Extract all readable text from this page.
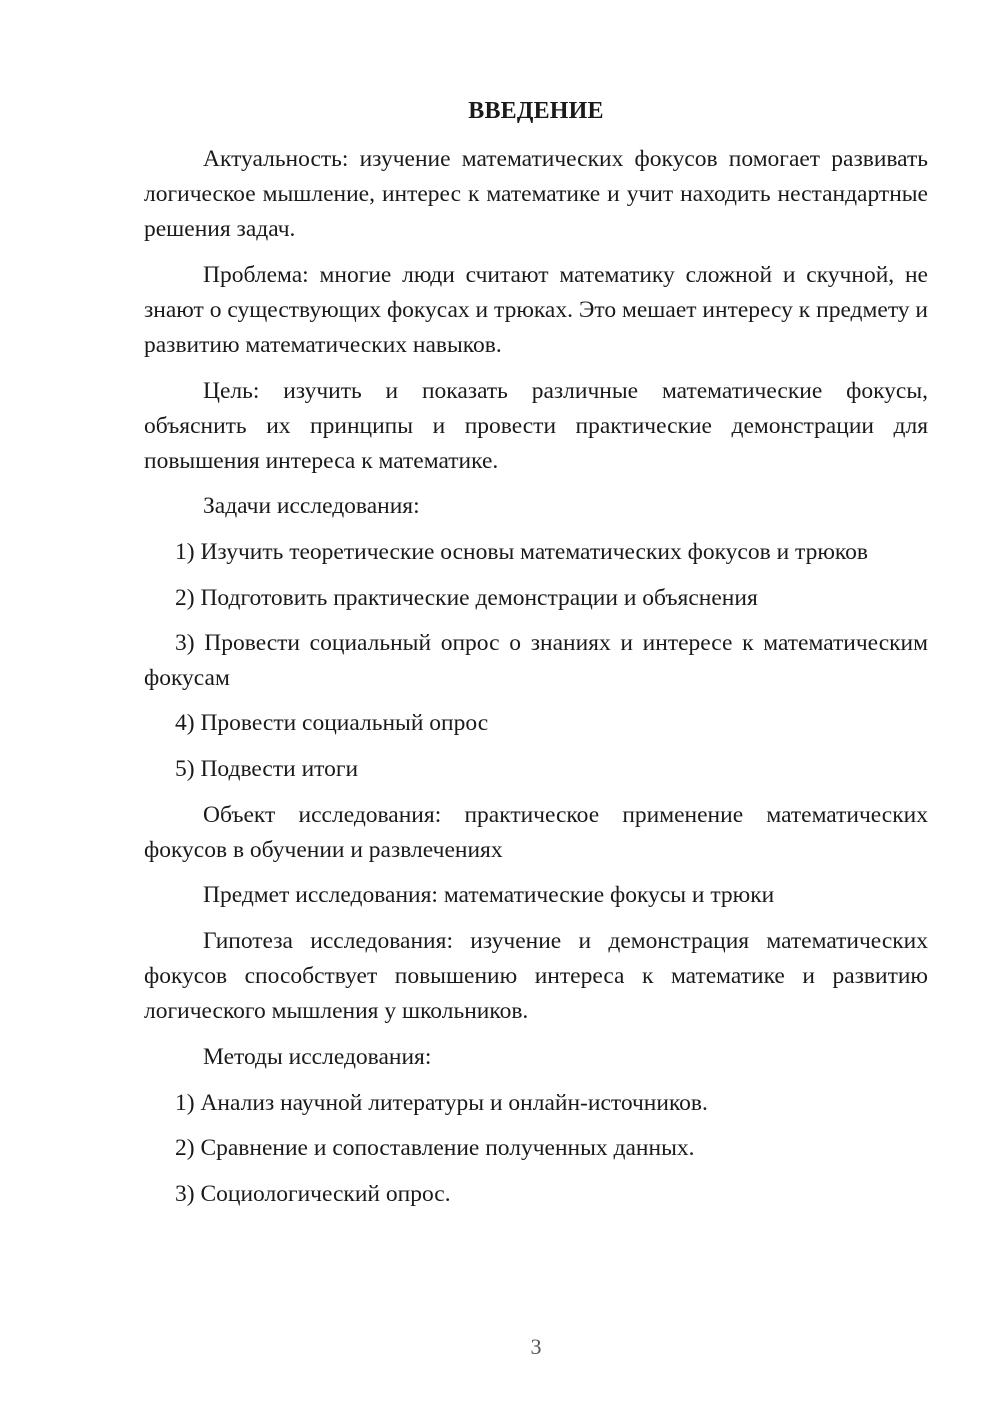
ВВЕДЕНИЕ

Актуальность: изучение математических фокусов помогает развивать логическое мышление, интерес к математике и учит находить нестандартные решения задач.

Проблема: многие люди считают математику сложной и скучной, не знают о существующих фокусах и трюках. Это мешает интересу к предмету и развитию математических навыков.

Цель: изучить и показать различные математические фокусы, объяснить их принципы и провести практические демонстрации для повышения интереса к математике.

Задачи исследования:

1) Изучить теоретические основы математических фокусов и трюков

2) Подготовить практические демонстрации и объяснения

3) Провести социальный опрос о знаниях и интересе к математическим фокусам

4) Провести социальный опрос

5) Подвести итоги

Объект исследования: практическое применение математических фокусов в обучении и развлечениях

Предмет исследования: математические фокусы и трюки

Гипотеза исследования: изучение и демонстрация математических фокусов способствует повышению интереса к математике и развитию логического мышления у школьников.

Методы исследования:

1) Анализ научной литературы и онлайн-источников.

2) Сравнение и сопоставление полученных данных.

3) Социологический опрос.

3
